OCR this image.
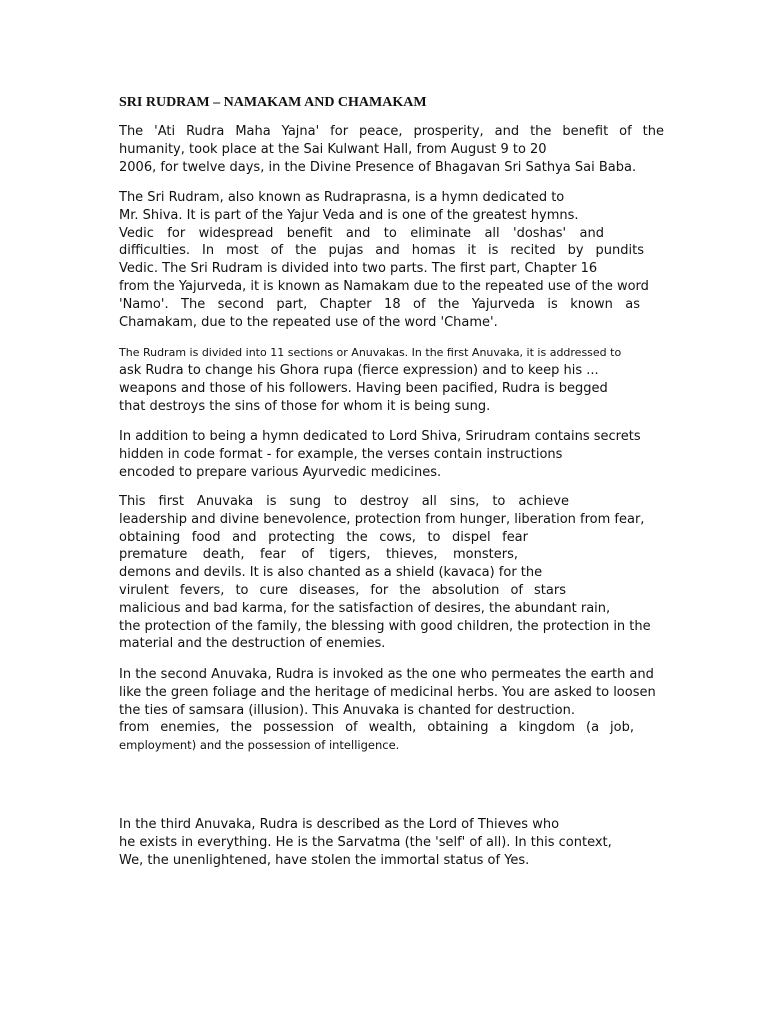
SRI RUDRAM – NAMAKAM AND CHAMAKAM
The 'Ati Rudra Maha Yajna' for peace, prosperity, and the benefit of the
humanity, took place at the Sai Kulwant Hall, from August 9 to 20
2006, for twelve days, in the Divine Presence of Bhagavan Sri Sathya Sai Baba.
The Sri Rudram, also known as Rudraprasna, is a hymn dedicated to
Mr. Shiva. It is part of the Yajur Veda and is one of the greatest hymns.
Vedic for widespread benefit and to eliminate all 'doshas' and
difficulties. In most of the pujas and homas it is recited by pundits
Vedic. The Sri Rudram is divided into two parts. The first part, Chapter 16
from the Yajurveda, it is known as Namakam due to the repeated use of the word
'Namo'. The second part, Chapter 18 of the Yajurveda is known as
Chamakam, due to the repeated use of the word 'Chame'.
The Rudram is divided into 11 sections or Anuvakas. In the first Anuvaka, it is addressed to
ask Rudra to change his Ghora rupa (fierce expression) and to keep his ...
weapons and those of his followers. Having been pacified, Rudra is begged
that destroys the sins of those for whom it is being sung.
In addition to being a hymn dedicated to Lord Shiva, Srirudram contains secrets
hidden in code format - for example, the verses contain instructions
encoded to prepare various Ayurvedic medicines.
This first Anuvaka is sung to destroy all sins, to achieve
leadership and divine benevolence, protection from hunger, liberation from fear,
obtaining food and protecting the cows, to dispel fear
premature death, fear of tigers, thieves, monsters,
demons and devils. It is also chanted as a shield (kavaca) for the
virulent fevers, to cure diseases, for the absolution of stars
malicious and bad karma, for the satisfaction of desires, the abundant rain,
the protection of the family, the blessing with good children, the protection in the
material and the destruction of enemies.
In the second Anuvaka, Rudra is invoked as the one who permeates the earth and
like the green foliage and the heritage of medicinal herbs. You are asked to loosen
the ties of samsara (illusion). This Anuvaka is chanted for destruction.
from enemies, the possession of wealth, obtaining a kingdom (a job,
employment) and the possession of intelligence.
In the third Anuvaka, Rudra is described as the Lord of Thieves who
he exists in everything. He is the Sarvatma (the 'self' of all). In this context,
We, the unenlightened, have stolen the immortal status of Yes.
